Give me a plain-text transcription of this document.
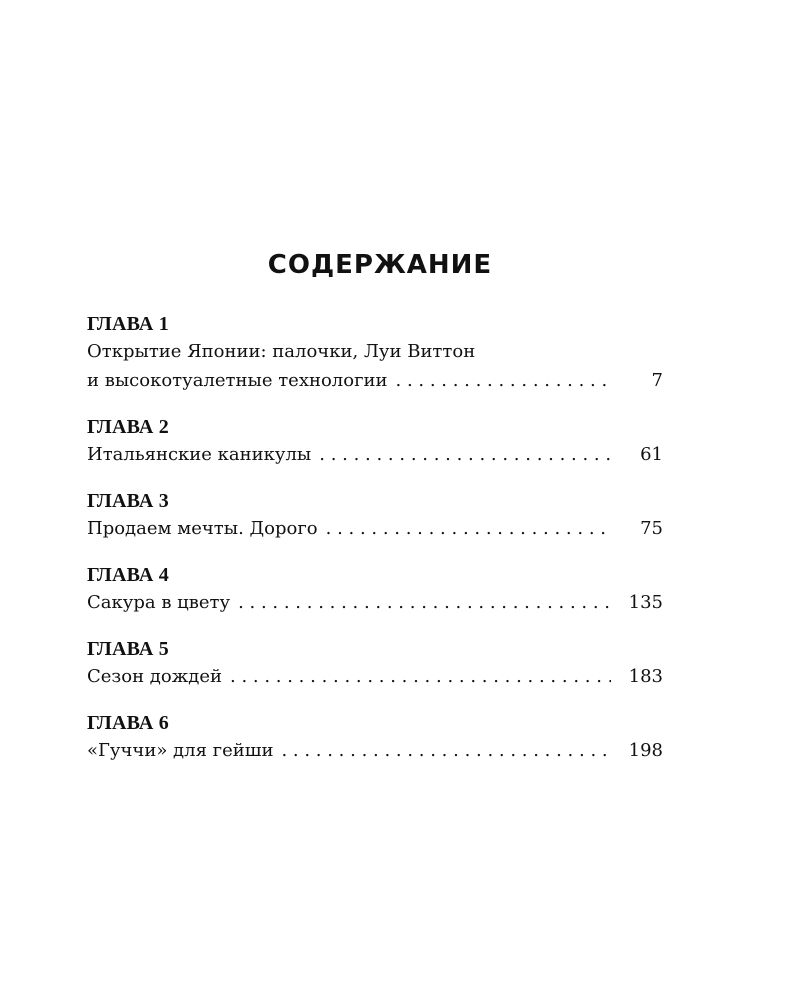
СОДЕРЖАНИЕ
ГЛАВА 1
Открытие Японии: палочки, Луи Виттон
и высокотуалетные технологии . . .	7
ГЛАВА 2
Итальянские каникулы . . .	61
ГЛАВА 3
Продаем мечты. Дорого . . .	75
ГЛАВА 4
Сакура в цвету . . .	135
ГЛАВА 5
Сезон дождей . . .	183
ГЛАВА 6
«Гуччи» для гейши . . .	198
